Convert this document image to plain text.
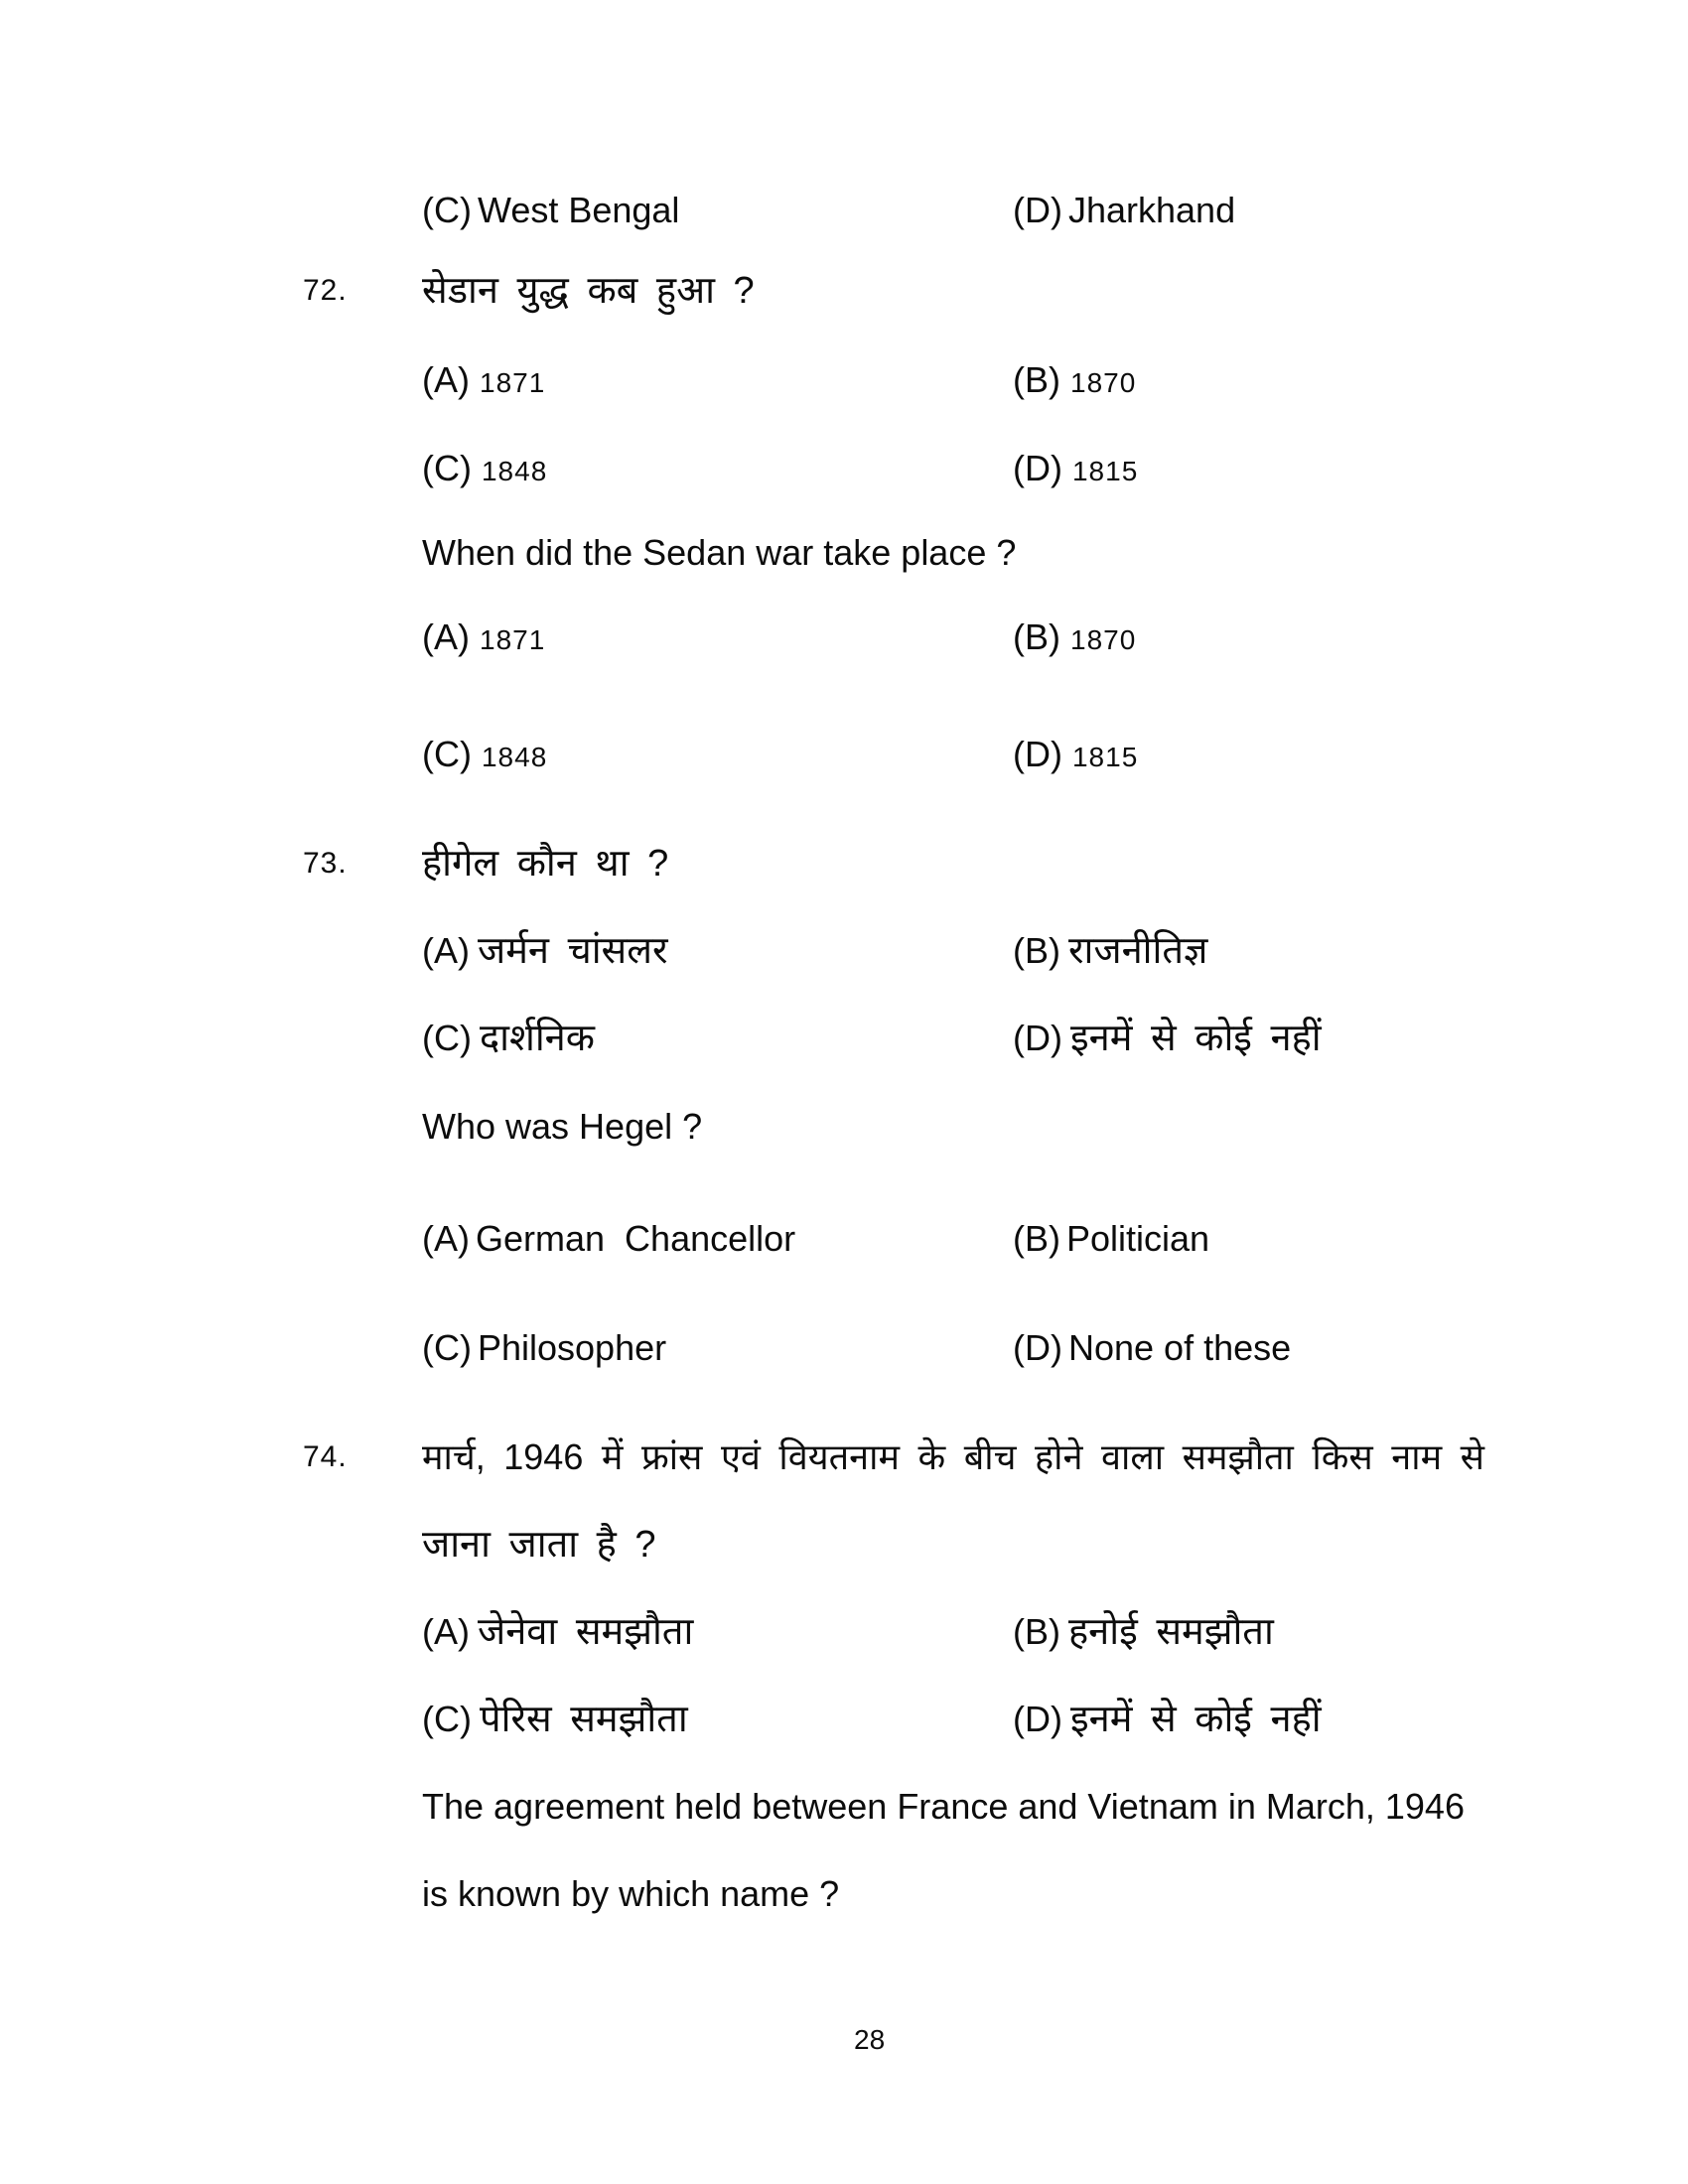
(C) West Bengal	(D) Jharkhand
72. सेडान युद्ध कब हुआ ?
(A) 1871	(B) 1870
(C) 1848	(D) 1815
When did the Sedan war take place ?
(A) 1871	(B) 1870
(C) 1848	(D) 1815
73. हीगेल कौन था ?
(A) जर्मन चांसलर	(B) राजनीतिज्ञ
(C) दार्शनिक	(D) इनमें से कोई नहीं
Who was Hegel ?
(A) German  Chancellor	(B) Politician
(C) Philosopher	(D) None of these
74. मार्च, 1946 में फ्रांस एवं वियतनाम के बीच होने वाला समझौता किस नाम से
जाना जाता है ?
(A) जेनेवा समझौता	(B) हनोई समझौता
(C) पेरिस समझौता	(D) इनमें से कोई नहीं
The agreement held between France and Vietnam in March, 1946
is known by which name ?
28
